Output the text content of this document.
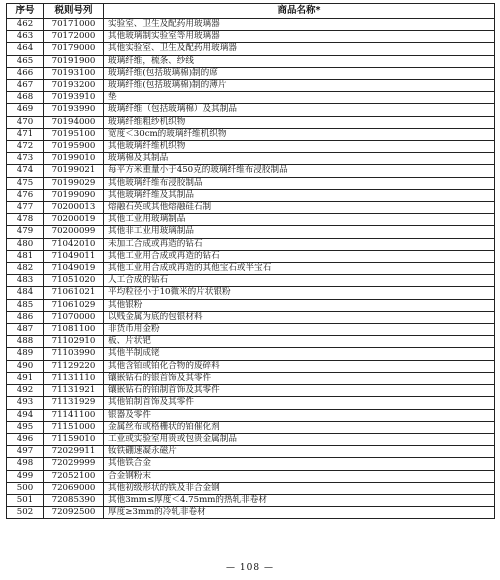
序号	税则号列	商品名称*
462	70171000	实验室、卫生及配药用玻璃器
463	70172000	其他玻璃制实验室等用玻璃器
464	70179000	其他实验室、卫生及配药用玻璃器
465	70191900	玻璃纤维，梳条、纱线
466	70193100	玻璃纤维(包括玻璃棉)制的席
467	70193200	玻璃纤维(包括玻璃棉)制的薄片
468	70193910	垫
469	70193990	玻璃纤维（包括玻璃棉）及其制品
470	70194000	玻璃纤维粗纱机织物
471	70195100	宽度＜30cm的玻璃纤维机织物
472	70195900	其他玻璃纤维机织物
473	70199010	玻璃棉及其制品
474	70199021	每平方米重量小于450克的玻璃纤维布浸胶制品
475	70199029	其他玻璃纤维布浸胶制品
476	70199090	其他玻璃纤维及其制品
477	70200013	熔融石英或其他熔融硅石制
478	70200019	其他工业用玻璃制品
479	70200099	其他非工业用玻璃制品
480	71042010	未加工合成或再造的钻石
481	71049011	其他工业用合成或再造的钻石
482	71049019	其他工业用合成或再造的其他宝石或半宝石
483	71051020	人工合成的钻石
484	71061021	平均粒径小于10微米的片状银粉
485	71061029	其他银粉
486	71070000	以贱金属为底的包银材料
487	71081100	非货币用金粉
488	71102910	板、片状钯
489	71103990	其他半制成铑
490	71129220	其他含铂或铂化合物的废碎料
491	71131110	镶嵌钻石的银首饰及其零件
492	71131921	镶嵌钻石的铂制首饰及其零件
493	71131929	其他铂制首饰及其零件
494	71141100	银器及零件
495	71151000	金属丝布或格栅状的铂催化剂
496	71159010	工业或实验室用贵或包贵金属制品
497	72029911	钕铁硼速凝永磁片
498	72029999	其他铁合金
499	72052100	合金钢粉末
500	72069000	其他初级形状的铁及非合金钢
501	72085390	其他3mm≤厚度＜4.75mm的热轧非卷材
502	72092500	厚度≥3mm的冷轧非卷材
— 108 —
